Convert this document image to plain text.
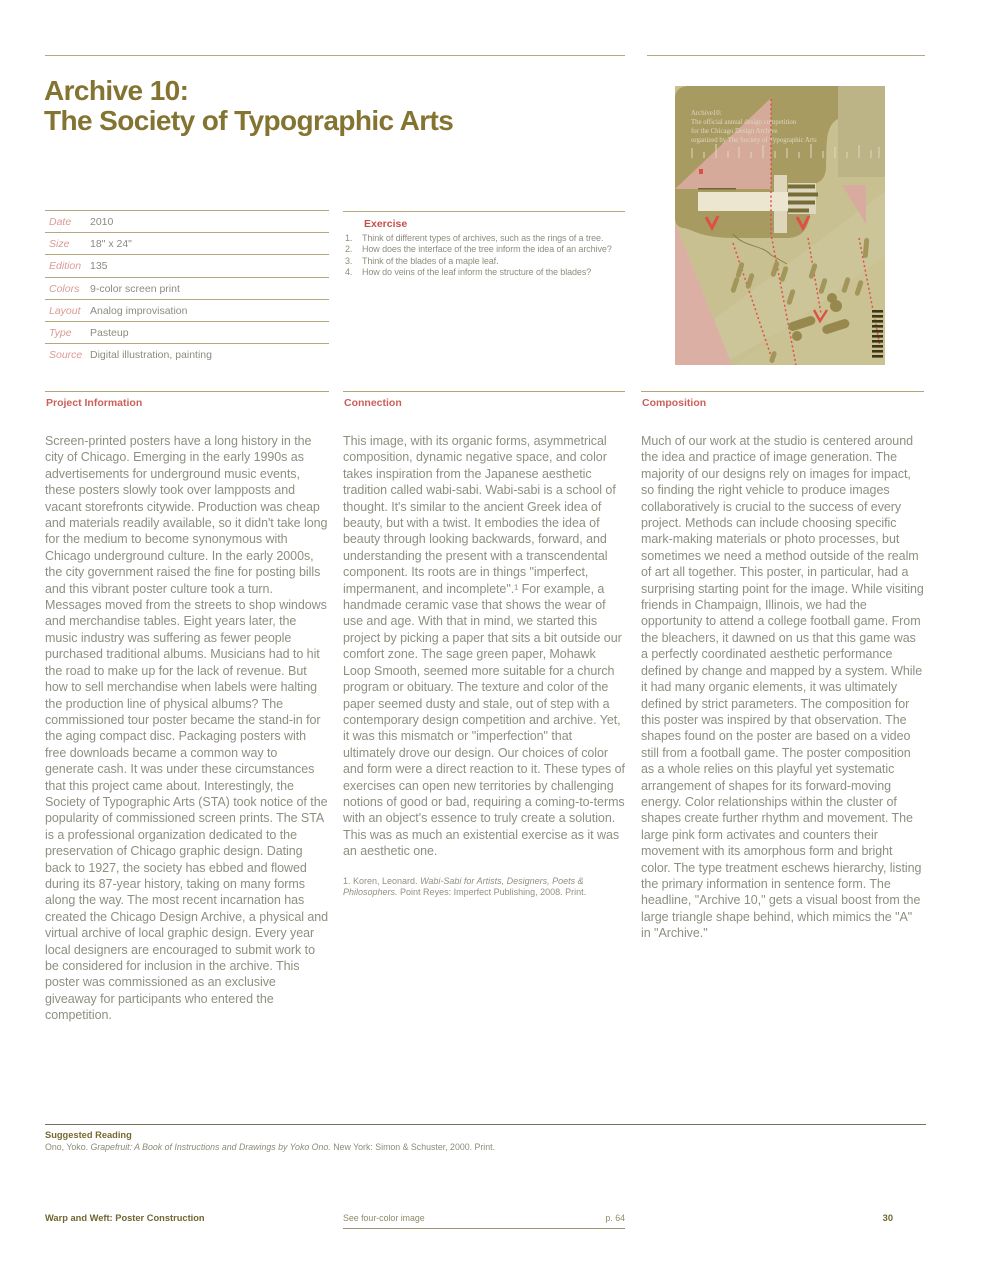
Archive 10:
The Society of Typographic Arts	Archive10:
The official annual design competition
for the Chicago Design Archive
organized by The Society of Typographic Arts
Date	2010
Size	18" x 24"
Edition 135
Colors	9-color screen print
Layout Analog improvisation
Type	Pasteup
Source Digital illustration, painting
Exercise
1.	Think of different types of archives, such as the rings of a tree.
2.	How does the interface of the tree inform the idea of an archive?
3.	Think of the blades of a maple leaf.
4.	How do veins of the leaf inform the structure of the blades?
Project Information
Screen-printed posters have a long history in the city of Chicago. Emerging in the early 1990s as advertisements for underground music events, these posters slowly took over lampposts and vacant storefronts citywide. Production was cheap and materials readily available, so it didn't take long for the medium to become synonymous with Chicago underground culture. In the early 2000s, the city government raised the fine for posting bills and this vibrant poster culture took a turn. Messages moved from the streets to shop windows and merchandise tables. Eight years later, the music industry was suffering as fewer people purchased traditional albums. Musicians had to hit the road to make up for the lack of revenue. But how to sell merchandise when labels were halting the production line of physical albums? The commissioned tour poster became the stand-in for the aging compact disc. Packaging posters with free downloads became a common way to generate cash. It was under these circumstances that this project came about. Interestingly, the Society of Typographic Arts (STA) took notice of the popularity of commissioned screen prints. The STA is a professional organization dedicated to the preservation of Chicago graphic design. Dating back to 1927, the society has ebbed and flowed during its 87-year history, taking on many forms along the way. The most recent incarnation has created the Chicago Design Archive, a physical and virtual archive of local graphic design. Every year local designers are encouraged to submit work to be considered for inclusion in the archive. This poster was commissioned as an exclusive giveaway for participants who entered the competition.
Connection
This image, with its organic forms, asymmetrical composition, dynamic negative space, and color takes inspiration from the Japanese aesthetic tradition called wabi-sabi. Wabi-sabi is a school of thought. It's similar to the ancient Greek idea of beauty, but with a twist. It embodies the idea of beauty through looking backwards, forward, and understanding the present with a transcendental component. Its roots are in things "imperfect, impermanent, and incomplete".¹ For example, a handmade ceramic vase that shows the wear of use and age. With that in mind, we started this project by picking a paper that sits a bit outside our comfort zone. The sage green paper, Mohawk Loop Smooth, seemed more suitable for a church program or obituary. The texture and color of the paper seemed dusty and stale, out of step with a contemporary design competition and archive. Yet, it was this mismatch or "imperfection" that ultimately drove our design. Our choices of color and form were a direct reaction to it. These types of exercises can open new territories by challenging notions of good or bad, requiring a coming-to-terms with an object's essence to truly create a solution. This was as much an existential exercise as it was an aesthetic one.
1. Koren, Leonard. Wabi-Sabi for Artists, Designers, Poets & Philosophers. Point Reyes: Imperfect Publishing, 2008. Print.
Composition
Much of our work at the studio is centered around the idea and practice of image generation. The majority of our designs rely on images for impact, so finding the right vehicle to produce images collaboratively is crucial to the success of every project. Methods can include choosing specific mark-making materials or photo processes, but sometimes we need a method outside of the realm of art all together. This poster, in particular, had a surprising starting point for the image. While visiting friends in Champaign, Illinois, we had the opportunity to attend a college football game. From the bleachers, it dawned on us that this game was a perfectly coordinated aesthetic performance defined by change and mapped by a system. While it had many organic elements, it was ultimately defined by strict parameters. The composition for this poster was inspired by that observation. The shapes found on the poster are based on a video still from a football game. The poster composition as a whole relies on this playful yet systematic arrangement of shapes for its forward-moving energy. Color relationships within the cluster of shapes create further rhythm and movement. The large pink form activates and counters their movement with its amorphous form and bright color. The type treatment eschews hierarchy, listing the primary information in sentence form. The headline, "Archive 10," gets a visual boost from the large triangle shape behind, which mimics the "A" in "Archive."
Suggested Reading
Ono, Yoko. Grapefruit: A Book of Instructions and Drawings by Yoko Ono. New York: Simon & Schuster, 2000. Print.
Warp and Weft: Poster Construction	See four-color image	p. 64	30
